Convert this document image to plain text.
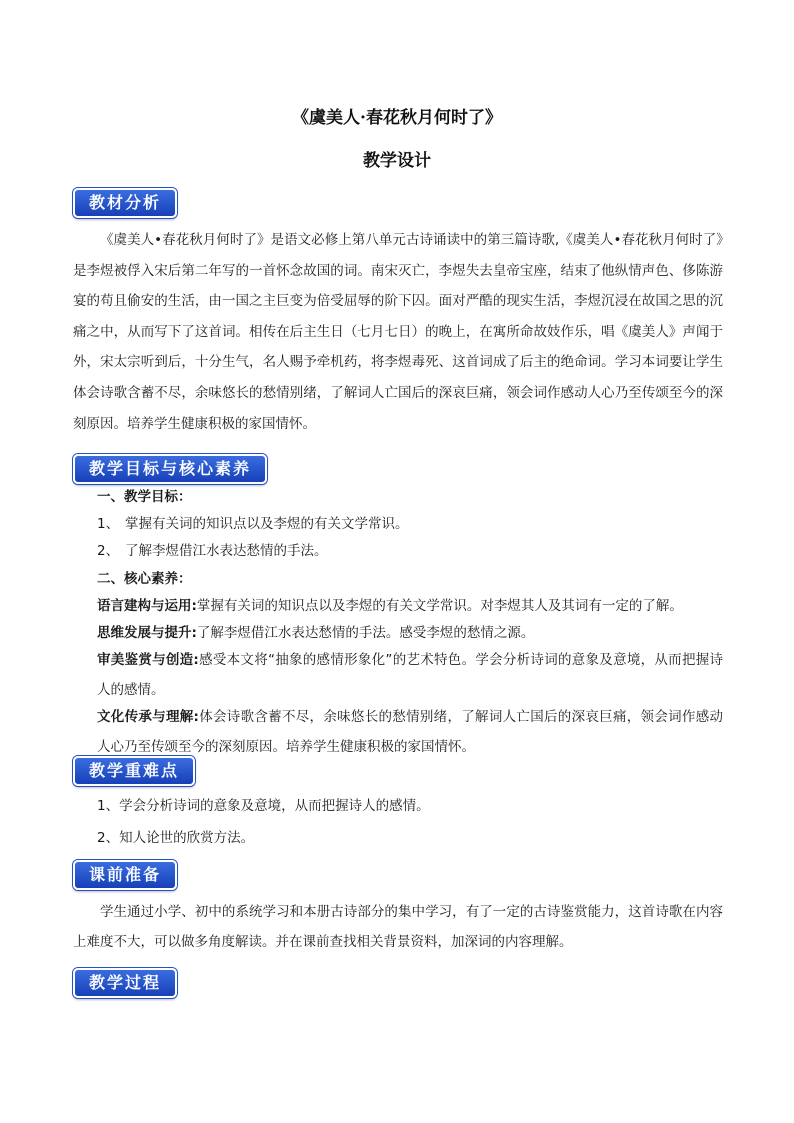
《虞美人·春花秋月何时了》
教学设计
教材分析
《虞美人•春花秋月何时了》是语文必修上第八单元古诗诵读中的第三篇诗歌,《虞美人•春花秋月何时了》是李煜被俘入宋后第二年写的一首怀念故国的词。南宋灭亡，李煜失去皇帝宝座，结束了他纵情声色、侈陈游宴的苟且偷安的生活，由一国之主巨变为倍受屈辱的阶下囚。面对严酷的现实生活，李煜沉浸在故国之思的沉痛之中，从而写下了这首词。相传在后主生日（七月七日）的晚上，在寓所命故妓作乐，唱《虞美人》声闻于外，宋太宗听到后，十分生气，名人赐予牵机药，将李煜毒死、这首词成了后主的绝命词。学习本词要让学生体会诗歌含蓄不尽，余味悠长的愁情别绪，了解词人亡国后的深哀巨痛，领会词作感动人心乃至传颂至今的深刻原因。培养学生健康积极的家国情怀。
教学目标与核心素养
一、教学目标：
1、 掌握有关词的知识点以及李煜的有关文学常识。
2、 了解李煜借江水表达愁情的手法。
二、核心素养：
语言建构与运用:掌握有关词的知识点以及李煜的有关文学常识。对李煜其人及其词有一定的了解。
思维发展与提升:了解李煜借江水表达愁情的手法。感受李煜的愁情之源。
审美鉴赏与创造:感受本文将“抽象的感情形象化”的艺术特色。学会分析诗词的意象及意境，从而把握诗人的感情。
文化传承与理解:体会诗歌含蓄不尽，余味悠长的愁情别绪，了解词人亡国后的深哀巨痛，领会词作感动人心乃至传颂至今的深刻原因。培养学生健康积极的家国情怀。
教学重难点
1、学会分析诗词的意象及意境，从而把握诗人的感情。
2、知人论世的欣赏方法。
课前准备
学生通过小学、初中的系统学习和本册古诗部分的集中学习，有了一定的古诗鉴赏能力，这首诗歌在内容上难度不大，可以做多角度解读。并在课前查找相关背景资料，加深词的内容理解。
教学过程
